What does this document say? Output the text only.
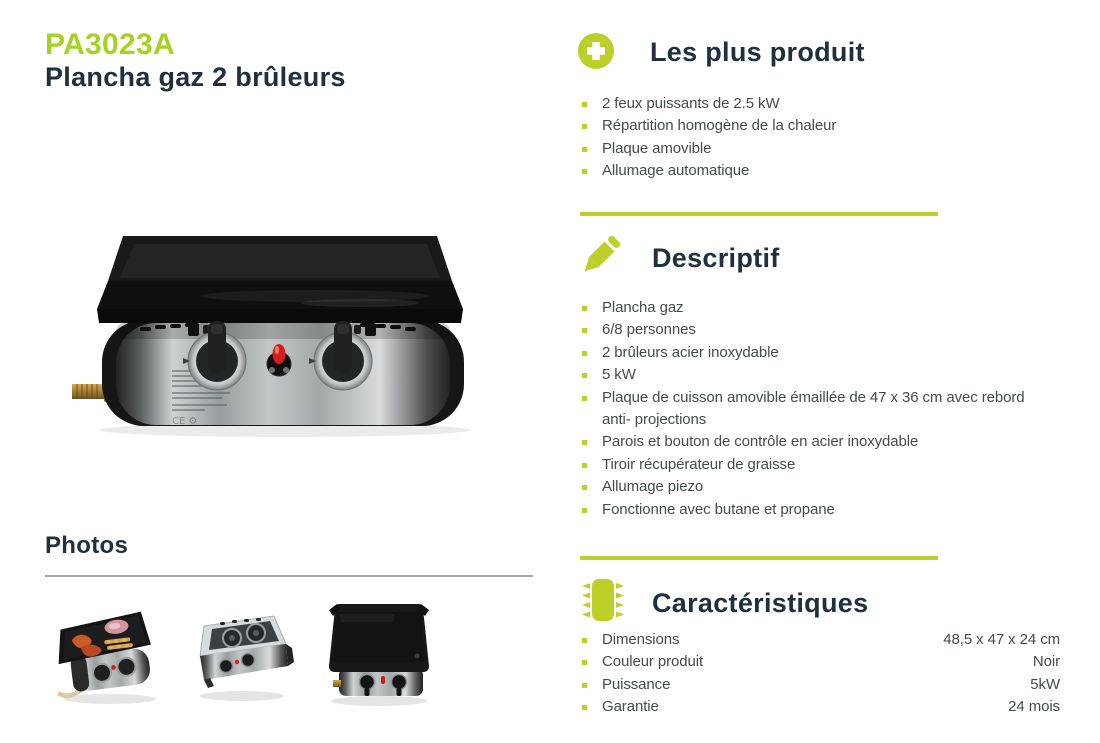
PA3023A
Plancha gaz 2 brûleurs
CE ⚙
Photos
Les plus produit
2 feux puissants de 2.5 kW
Répartition homogène de la chaleur
Plaque amovible
Allumage automatique
Descriptif
Plancha gaz
6/8 personnes
2 brûleurs acier inoxydable
5 kW
Plaque de cuisson amovible émaillée de 47 x 36 cm avec rebord anti- projections
Parois et bouton de contrôle en acier inoxydable
Tiroir récupérateur de graisse
Allumage piezo
Fonctionne avec butane et propane
Caractéristiques
Dimensions	48,5 x 47 x 24 cm
Couleur produit	Noir
Puissance	5kW
Garantie	24 mois
